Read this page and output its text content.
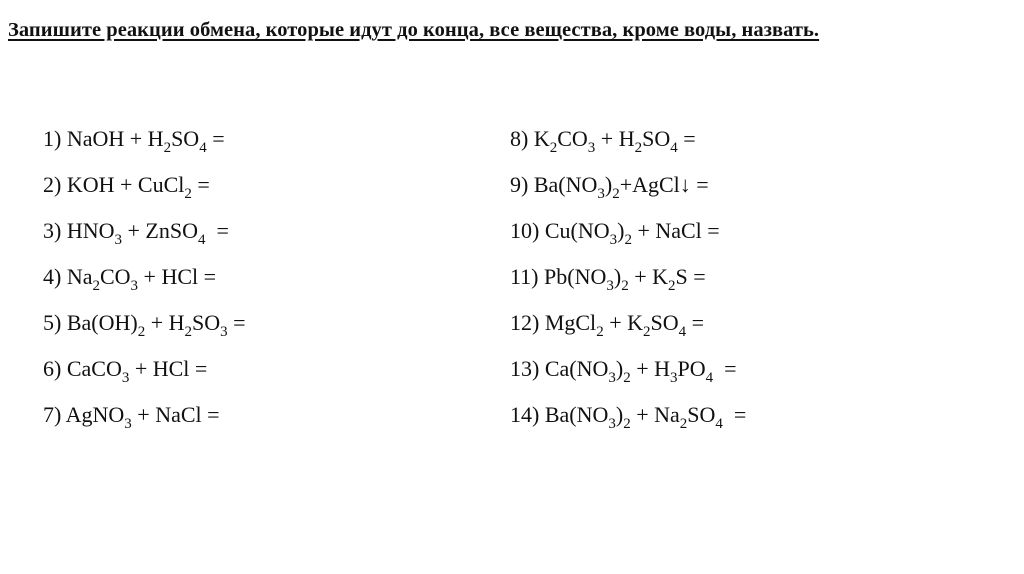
Запишите реакции обмена, которые идут до конца, все вещества, кроме воды, назвать.
1) NaOH + $H_2SO_4$ =
2) KOH + CuCl$_2$ =
3) $HNO_3$ + ZnSO$_4$  =
4) $Na_2CO_3$ + HCl =
5) $Ba(OH)_2 + H_2SO_3$ =
6) CaCO$_3$ + HCl =
7) AgNO$_3$ + NaCl =
8) $K_2CO_3 + H_2SO_4$ =
9) $Ba(NO_3)_2+AgCl↓$ =
10) $Cu(NO_3)_2$ + NaCl =
11) $Pb(NO_3)_2 + K_2S$ =
12) MgCl$_2$ + $K_2SO_4$ =
13) $Ca(NO_3)_2 + H_3PO_4$  =
14) $Ba(NO_3)_2 + Na_2SO_4$  =
